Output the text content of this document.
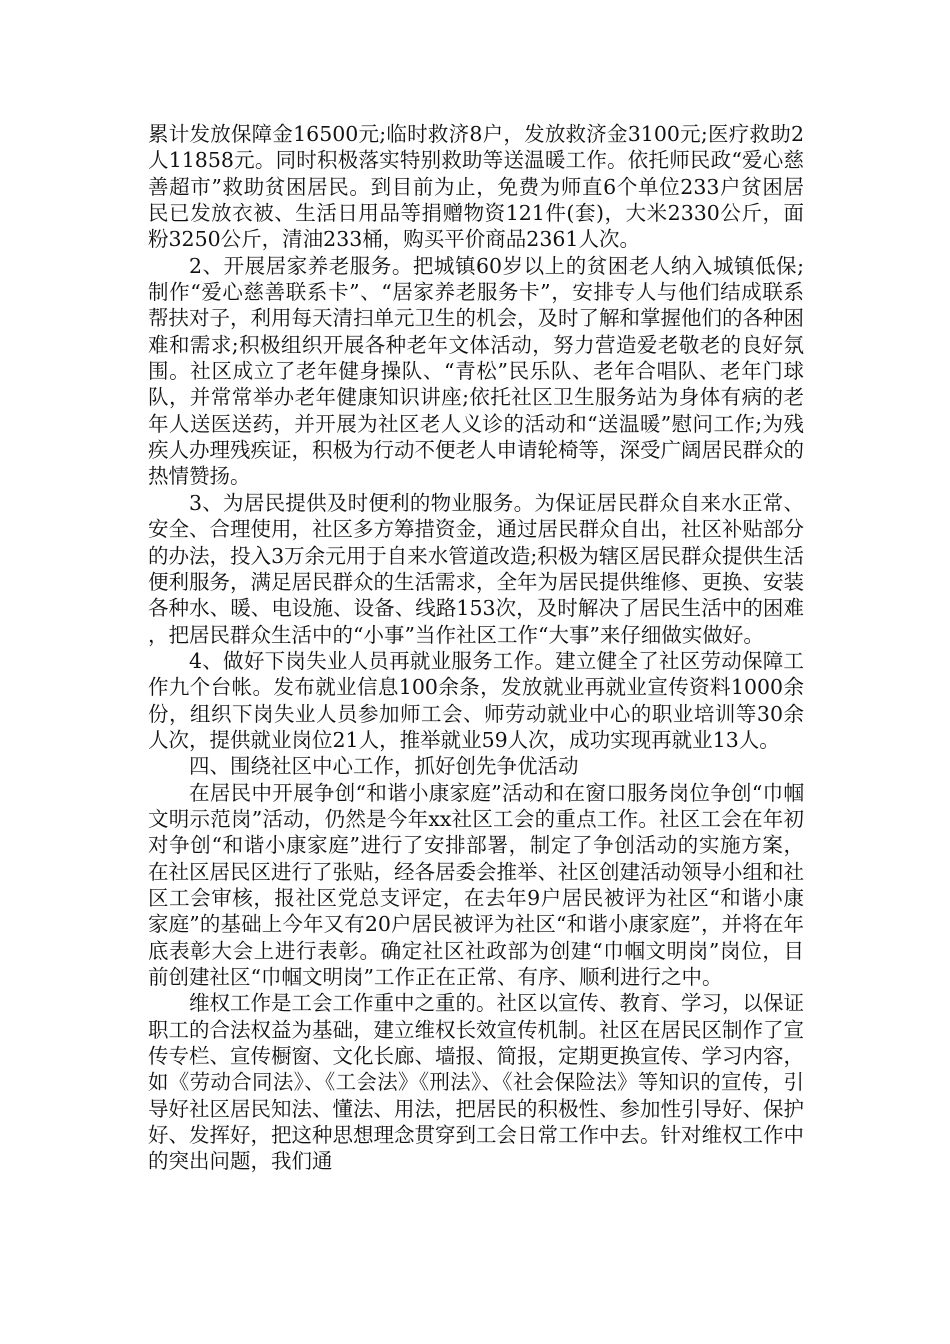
累计发放保障金16500元;临时救济8户，发放救济金3100元;医疗救助2人11858元。同时积极落实特别救助等送温暖工作。依托师民政“爱心慈善超市”救助贫困居民。到目前为止，免费为师直6个单位233户贫困居民已发放衣被、生活日用品等捐赠物资121件(套)，大米2330公斤，面粉3250公斤，清油233桶，购买平价商品2361人次。

2、开展居家养老服务。把城镇60岁以上的贫困老人纳入城镇低保;制作“爱心慈善联系卡”、“居家养老服务卡”，安排专人与他们结成联系帮扶对子，利用每天清扫单元卫生的机会，及时了解和掌握他们的各种困难和需求;积极组织开展各种老年文体活动，努力营造爱老敬老的良好氛围。社区成立了老年健身操队、“青松”民乐队、老年合唱队、老年门球队，并常常举办老年健康知识讲座;依托社区卫生服务站为身体有病的老年人送医送药，并开展为社区老人义诊的活动和“送温暖”慰问工作;为残疾人办理残疾证，积极为行动不便老人申请轮椅等，深受广阔居民群众的热情赞扬。

3、为居民提供及时便利的物业服务。为保证居民群众自来水正常、安全、合理使用，社区多方筹措资金，通过居民群众自出，社区补贴部分的办法，投入3万余元用于自来水管道改造;积极为辖区居民群众提供生活便利服务，满足居民群众的生活需求，全年为居民提供维修、更换、安装各种水、暖、电设施、设备、线路153次，及时解决了居民生活中的困难，把居民群众生活中的“小事”当作社区工作“大事”来仔细做实做好。

4、做好下岗失业人员再就业服务工作。建立健全了社区劳动保障工作九个台帐。发布就业信息100余条，发放就业再就业宣传资料1000余份，组织下岗失业人员参加师工会、师劳动就业中心的职业培训等30余人次，提供就业岗位21人，推举就业59人次，成功实现再就业13人。

四、围绕社区中心工作，抓好创先争优活动

在居民中开展争创“和谐小康家庭”活动和在窗口服务岗位争创“巾帼文明示范岗”活动，仍然是今年xx社区工会的重点工作。社区工会在年初对争创“和谐小康家庭”进行了安排部署，制定了争创活动的实施方案，在社区居民区进行了张贴，经各居委会推举、社区创建活动领导小组和社区工会审核，报社区党总支评定，在去年9户居民被评为社区“和谐小康家庭”的基础上今年又有20户居民被评为社区“和谐小康家庭”，并将在年底表彰大会上进行表彰。确定社区社政部为创建“巾帼文明岗”岗位，目前创建社区“巾帼文明岗”工作正在正常、有序、顺利进行之中。

维权工作是工会工作重中之重的。社区以宣传、教育、学习，以保证职工的合法权益为基础，建立维权长效宣传机制。社区在居民区制作了宣传专栏、宣传橱窗、文化长廊、墙报、简报，定期更换宣传、学习内容，如《劳动合同法》、《工会法》《刑法》、《社会保险法》等知识的宣传，引导好社区居民知法、懂法、用法，把居民的积极性、参加性引导好、保护好、发挥好，把这种思想理念贯穿到工会日常工作中去。针对维权工作中的突出问题，我们通
